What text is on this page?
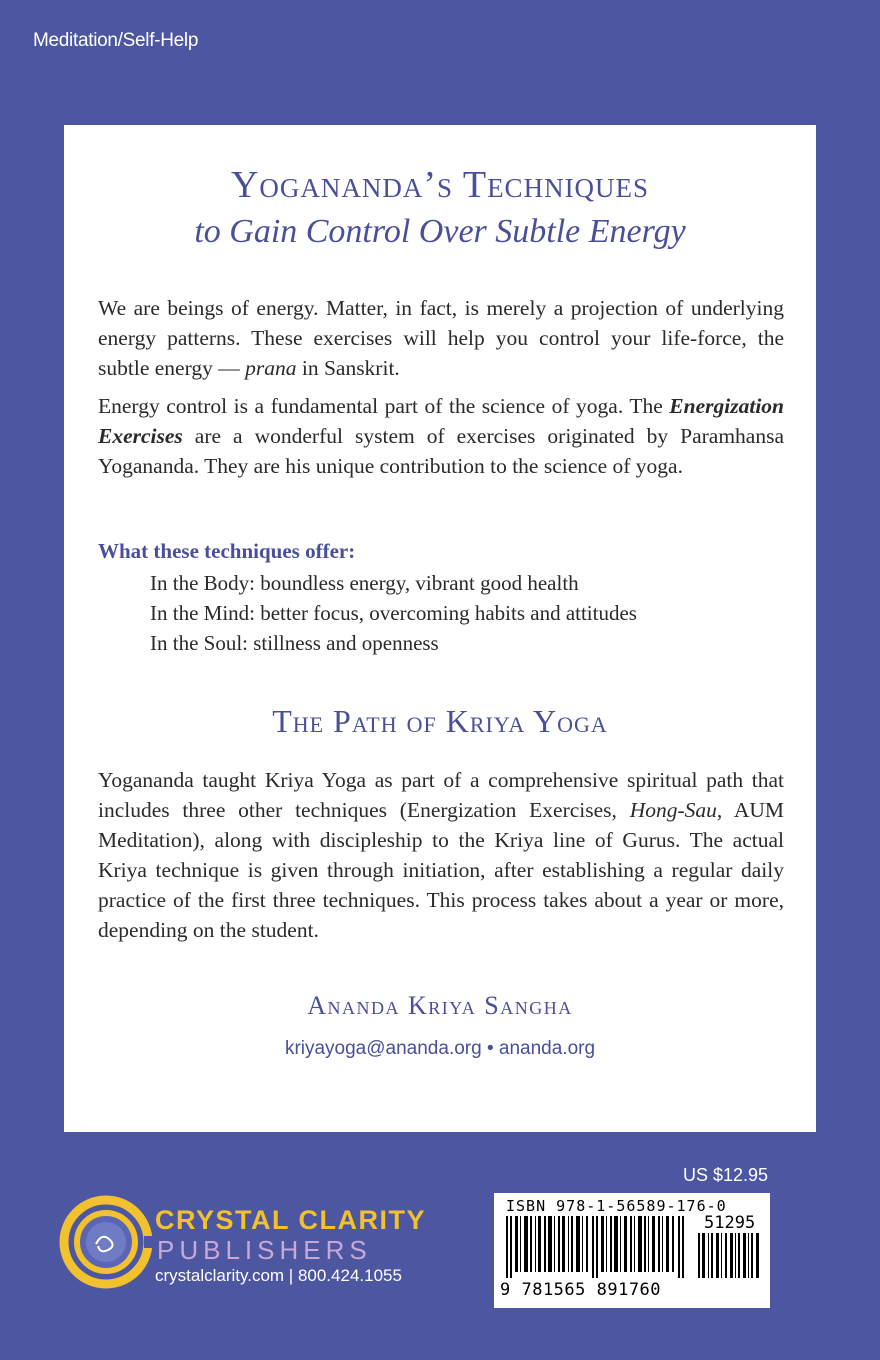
Meditation/Self-Help
Yogananda’s Techniques
to Gain Control Over Subtle Energy
We are beings of energy. Matter, in fact, is merely a projection of underlying energy patterns. These exercises will help you control your life-force, the subtle energy — prana in Sanskrit.
Energy control is a fundamental part of the science of yoga. The Energization Exercises are a wonderful system of exercises originated by Paramhansa Yogananda. They are his unique contribution to the science of yoga.
What these techniques offer:
In the Body: boundless energy, vibrant good health
In the Mind: better focus, overcoming habits and attitudes
In the Soul: stillness and openness
The Path of Kriya Yoga
Yogananda taught Kriya Yoga as part of a comprehensive spiritual path that includes three other techniques (Energization Exercises, Hong-Sau, AUM Meditation), along with discipleship to the Kriya line of Gurus. The actual Kriya technique is given through initiation, after establishing a regular daily practice of the first three techniques. This process takes about a year or more, depending on the student.
Ananda Kriya Sangha
kriyayoga@ananda.org • ananda.org
US $12.95
CRYSTAL CLARITY
PUBLISHERS
crystalclarity.com | 800.424.1055
ISBN 978-1-56589-176-0
51295
9 781565 891760
